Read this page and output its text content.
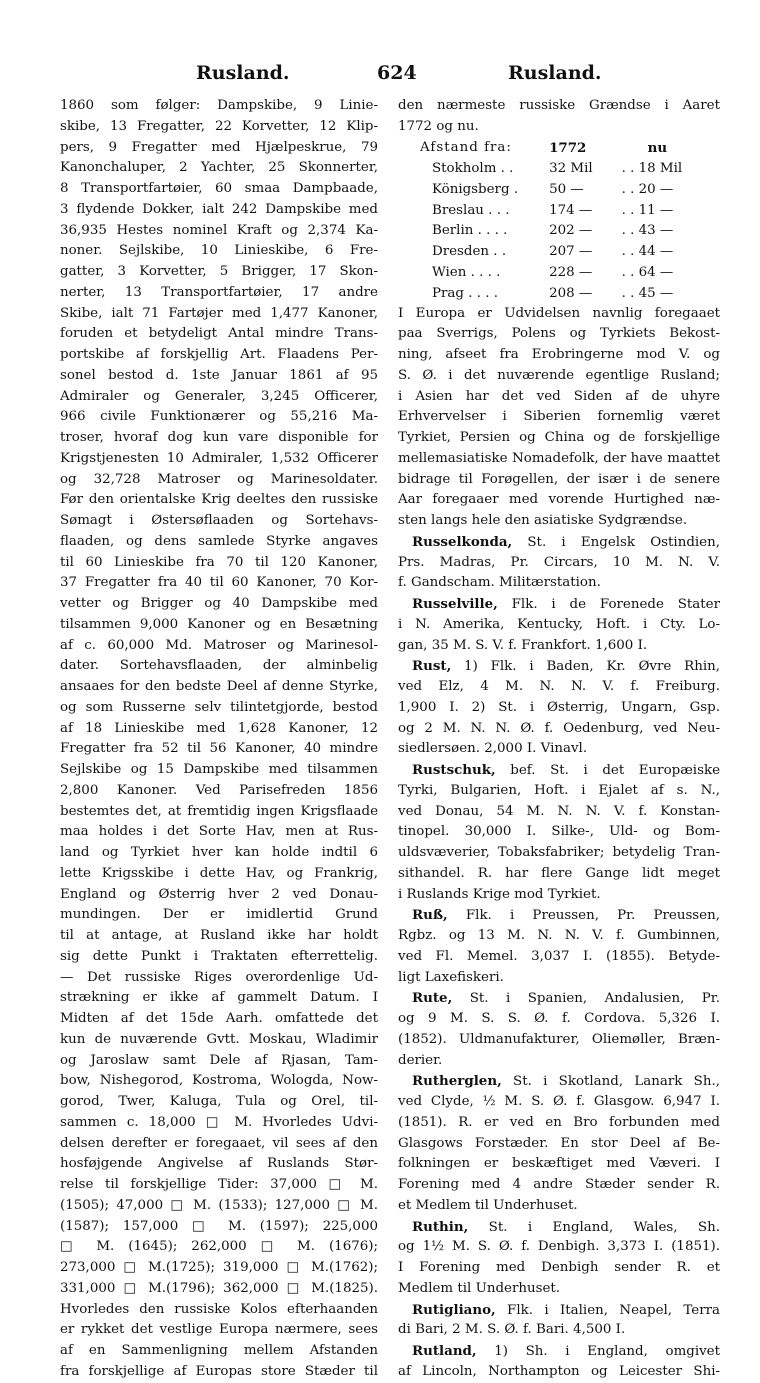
Rusland.	624	Rusland.
1860 som følger: Dampskibe, 9 Linie-
skibe, 13 Fregatter, 22 Korvetter, 12 Klip-
pers, 9 Fregatter med Hjælpeskrue, 79
Kanonchaluper, 2 Yachter, 25 Skonnerter,
8 Transportfartøier, 60 smaa Dampbaade,
3 flydende Dokker, ialt 242 Dampskibe med
36,935 Hestes nominel Kraft og 2,374 Ka-
noner. Sejlskibe, 10 Linieskibe, 6 Fre-
gatter, 3 Korvetter, 5 Brigger, 17 Skon-
nerter, 13 Transportfartøier, 17 andre
Skibe, ialt 71 Fartøjer med 1,477 Kanoner,
foruden et betydeligt Antal mindre Trans-
portskibe af forskjellig Art. Flaadens Per-
sonel bestod d. 1ste Januar 1861 af 95
Admiraler og Generaler, 3,245 Officerer,
966 civile Funktionærer og 55,216 Ma-
troser, hvoraf dog kun vare disponible for
Krigstjenesten 10 Admiraler, 1,532 Officerer
og 32,728 Matroser og Marinesoldater.
Før den orientalske Krig deeltes den russiske
Sømagt i Østersøflaaden og Sortehavs-
flaaden, og dens samlede Styrke angaves
til 60 Linieskibe fra 70 til 120 Kanoner,
37 Fregatter fra 40 til 60 Kanoner, 70 Kor-
vetter og Brigger og 40 Dampskibe med
tilsammen 9,000 Kanoner og en Besætning
af c. 60,000 Md. Matroser og Marinesol-
dater. Sortehavsflaaden, der alminbelig
ansaaes for den bedste Deel af denne Styrke,
og som Russerne selv tilintetgjorde, bestod
af 18 Linieskibe med 1,628 Kanoner, 12
Fregatter fra 52 til 56 Kanoner, 40 mindre
Sejlskibe og 15 Dampskibe med tilsammen
2,800 Kanoner. Ved Parisefreden 1856
bestemtes det, at fremtidig ingen Krigsflaade
maa holdes i det Sorte Hav, men at Rus-
land og Tyrkiet hver kan holde indtil 6
lette Krigsskibe i dette Hav, og Frankrig,
England og Østerrig hver 2 ved Donau-
mundingen. Der er imidlertid Grund
til at antage, at Rusland ikke har holdt
sig dette Punkt i Traktaten efterrettelig.
— Det russiske Riges overordenlige Ud-
strækning er ikke af gammelt Datum. I
Midten af det 15de Aarh. omfattede det
kun de nuværende Gvtt. Moskau, Wladimir
og Jaroslaw samt Dele af Rjasan, Tam-
bow, Nishegorod, Kostroma, Wologda, Now-
gorod, Twer, Kaluga, Tula og Orel, til-
sammen c. 18,000 □ M. Hvorledes Udvi-
delsen derefter er foregaaet, vil sees af den
hosføjgende Angivelse af Ruslands Stør-
relse til forskjellige Tider: 37,000 □ M.
(1505); 47,000 □ M. (1533); 127,000 □ M.
(1587); 157,000 □ M. (1597); 225,000
□ M. (1645); 262,000 □ M. (1676);
273,000 □ M.(1725); 319,000 □ M.(1762);
331,000 □ M.(1796); 362,000 □ M.(1825).
Hvorledes den russiske Kolos efterhaanden
er rykket det vestlige Europa nærmere, sees
af en Sammenligning mellem Afstanden
fra forskjellige af Europas store Stæder til
den nærmeste russiske Grændse i Aaret
1772 og nu.
Afstand fra:	1772	nu
Stokholm . .	32 Mil	. . 18 Mil
Königsberg .	50 —	. . 20 —
Breslau . . .	174 —	. . 11 —
Berlin . . . .	202 —	. . 43 —
Dresden . .	207 —	. . 44 —
Wien . . . .	228 —	. . 64 —
Prag . . . .	208 —	. . 45 —
I Europa er Udvidelsen navnlig foregaaet
paa Sverrigs, Polens og Tyrkiets Bekost-
ning, afseet fra Erobringerne mod V. og
S. Ø. i det nuværende egentlige Rusland;
i Asien har det ved Siden af de uhyre
Erhvervelser i Siberien fornemlig været
Tyrkiet, Persien og China og de forskjellige
mellemasiatiske Nomadefolk, der have maattet
bidrage til Forøgellen, der især i de senere
Aar foregaaer med vorende Hurtighed næ-
sten langs hele den asiatiske Sydgrændse.
Russelkonda, St. i Engelsk Ostindien,
Prs. Madras, Pr. Circars, 10 M. N. V.
f. Gandscham. Militærstation.
Russelville, Flk. i de Forenede Stater
i N. Amerika, Kentucky, Hoft. i Cty. Lo-
gan, 35 M. S. V. f. Frankfort. 1,600 I.
Rust, 1) Flk. i Baden, Kr. Øvre Rhin,
ved Elz, 4 M. N. N. V. f. Freiburg.
1,900 I. 2) St. i Østerrig, Ungarn, Gsp.
og 2 M. N. N. Ø. f. Oedenburg, ved Neu-
siedlersøen. 2,000 I. Vinavl.
Rustschuk, bef. St. i det Europæiske
Tyrki, Bulgarien, Hoft. i Ejalet af s. N.,
ved Donau, 54 M. N. N. V. f. Konstan-
tinopel. 30,000 I. Silke-, Uld- og Bom-
uldsvæverier, Tobaksfabriker; betydelig Tran-
sithandel. R. har flere Gange lidt meget
i Ruslands Krige mod Tyrkiet.
Ruß, Flk. i Preussen, Pr. Preussen,
Rgbz. og 13 M. N. N. V. f. Gumbinnen,
ved Fl. Memel. 3,037 I. (1855). Betyde-
ligt Laxefiskeri.
Rute, St. i Spanien, Andalusien, Pr.
og 9 M. S. S. Ø. f. Cordova. 5,326 I.
(1852). Uldmanufakturer, Oliemøller, Bræn-
derier.
Rutherglen, St. i Skotland, Lanark Sh.,
ved Clyde, ½ M. S. Ø. f. Glasgow. 6,947 I.
(1851). R. er ved en Bro forbunden med
Glasgows Forstæder. En stor Deel af Be-
folkningen er beskæftiget med Væveri. I
Forening med 4 andre Stæder sender R.
et Medlem til Underhuset.
Ruthin, St. i England, Wales, Sh.
og 1½ M. S. Ø. f. Denbigh. 3,373 I. (1851).
I Forening med Denbigh sender R. et
Medlem til Underhuset.
Rutigliano, Flk. i Italien, Neapel, Terra
di Bari, 2 M. S. Ø. f. Bari. 4,500 I.
Rutland, 1) Sh. i England, omgivet
af Lincoln, Northampton og Leicester Shi-
